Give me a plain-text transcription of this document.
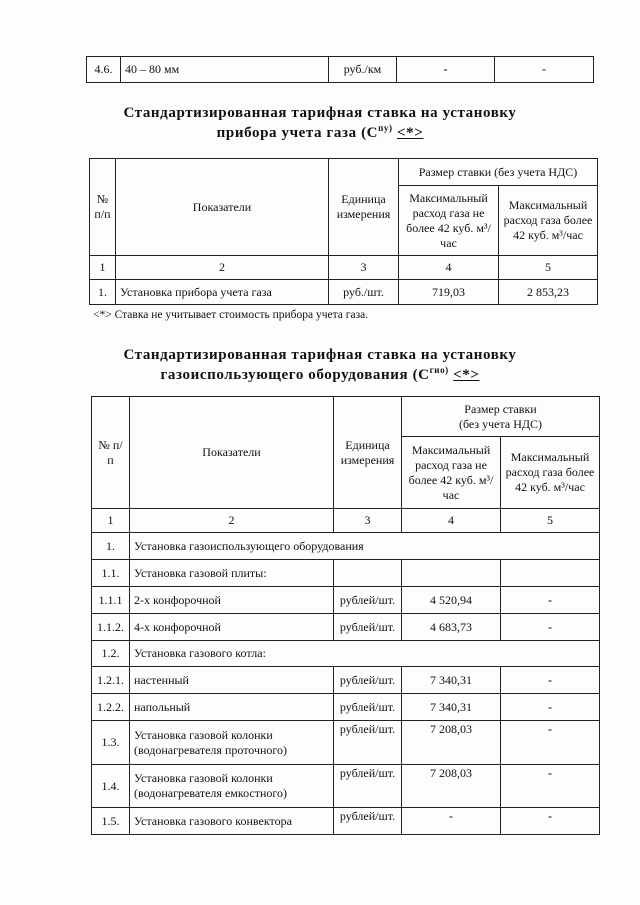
4.6.	40 – 80 мм	руб./км	-	-
Стандартизированная тарифная ставка на установку
прибора учета газа ($С^{пу)}$ <*>
№ п/п	Показатели	Единица измерения	Размер ставки (без учета НДС)	
			Максимальный расход газа не более 42 куб. м³/час	Максимальный расход газа более 42 куб. м³/час
1	2	3	4	5
1.	Установка прибора учета газа	руб./шт.	719,03	2 853,23
<*> Ставка не учитывает стоимость прибора учета газа.
Стандартизированная тарифная ставка на установку
газоиспользующего оборудования ($С^{гио)}$ <*>
№ п/п	Показатели	Единица измерения	Размер ставки
(без учета НДС)	

			Максимальный расход газа не более 42 куб. м³/час	Максимальный расход газа более 42 куб. м³/час
1	2	3	4	5
1.	Установка газоиспользующего оборудования			
1.1.	Установка газовой плиты:			
1.1.1	2-х конфорочной	рублей/шт.	4 520,94	-
1.1.2.	4-х конфорочной	рублей/шт.	4 683,73	-
1.2.	Установка газового котла:			
1.2.1.	настенный	рублей/шт.	7 340,31	-
1.2.2.	напольный	рублей/шт.	7 340,31	-
1.3.	Установка газовой колонки (водонагревателя проточного)	рублей/шт.	7 208,03	-
1.4.	Установка газовой колонки (водонагревателя емкостного)	рублей/шт.	7 208,03	-
1.5.	Установка газового конвектора	рублей/шт.	-	-
